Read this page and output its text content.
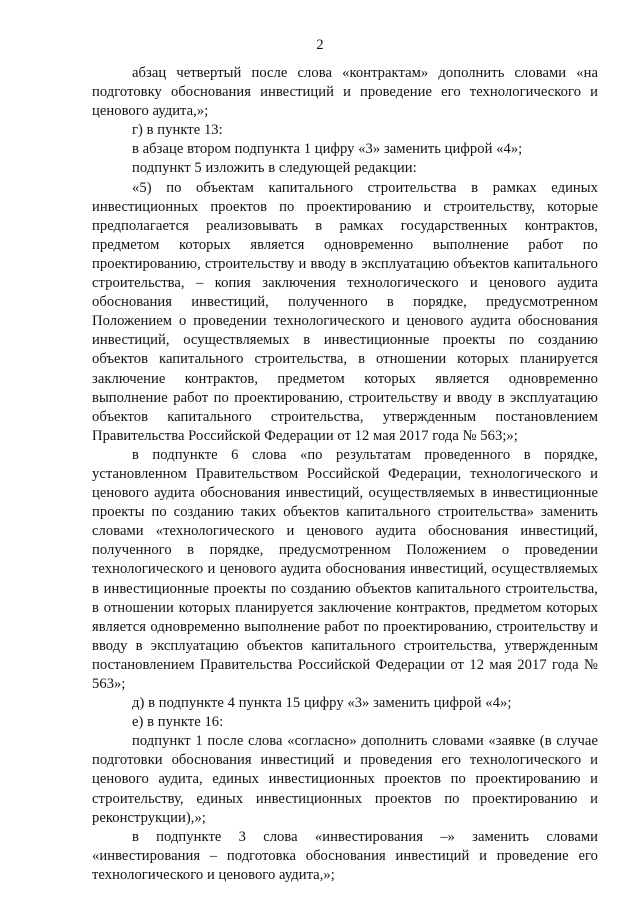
2

абзац четвертый после слова «контрактам» дополнить словами «на подготовку обоснования инвестиций и проведение его технологического и ценового аудита,»;

г) в пункте 13:

в абзаце втором подпункта 1 цифру «3» заменить цифрой «4»;

подпункт 5 изложить в следующей редакции:

«5) по объектам капитального строительства в рамках единых инвестиционных проектов по проектированию и строительству, которые предполагается реализовывать в рамках государственных контрактов, предметом которых является одновременно выполнение работ по проектированию, строительству и вводу в эксплуатацию объектов капитального строительства, – копия заключения технологического и ценового аудита обоснования инвестиций, полученного в порядке, предусмотренном Положением о проведении технологического и ценового аудита обоснования инвестиций, осуществляемых в инвестиционные проекты по созданию объектов капитального строительства, в отношении которых планируется заключение контрактов, предметом которых является одновременно выполнение работ по проектированию, строительству и вводу в эксплуатацию объектов капитального строительства, утвержденным постановлением Правительства Российской Федерации от 12 мая 2017 года № 563;»;

в подпункте 6 слова «по результатам проведенного в порядке, установленном Правительством Российской Федерации, технологического и ценового аудита обоснования инвестиций, осуществляемых в инвестиционные проекты по созданию таких объектов капитального строительства» заменить словами «технологического и ценового аудита обоснования инвестиций, полученного в порядке, предусмотренном Положением о проведении технологического и ценового аудита обоснования инвестиций, осуществляемых в инвестиционные проекты по созданию объектов капитального строительства, в отношении которых планируется заключение контрактов, предметом которых является одновременно выполнение работ по проектированию, строительству и вводу в эксплуатацию объектов капитального строительства, утвержденным постановлением Правительства Российской Федерации от 12 мая 2017 года № 563»;

д) в подпункте 4 пункта 15 цифру «3» заменить цифрой «4»;

е) в пункте 16:

подпункт 1 после слова «согласно» дополнить словами «заявке (в случае подготовки обоснования инвестиций и проведения его технологического и ценового аудита, единых инвестиционных проектов по проектированию и строительству, единых инвестиционных проектов по проектированию и реконструкции),»;

в подпункте 3 слова «инвестирования –» заменить словами «инвестирования – подготовка обоснования инвестиций и проведение его технологического и ценового аудита,»;
